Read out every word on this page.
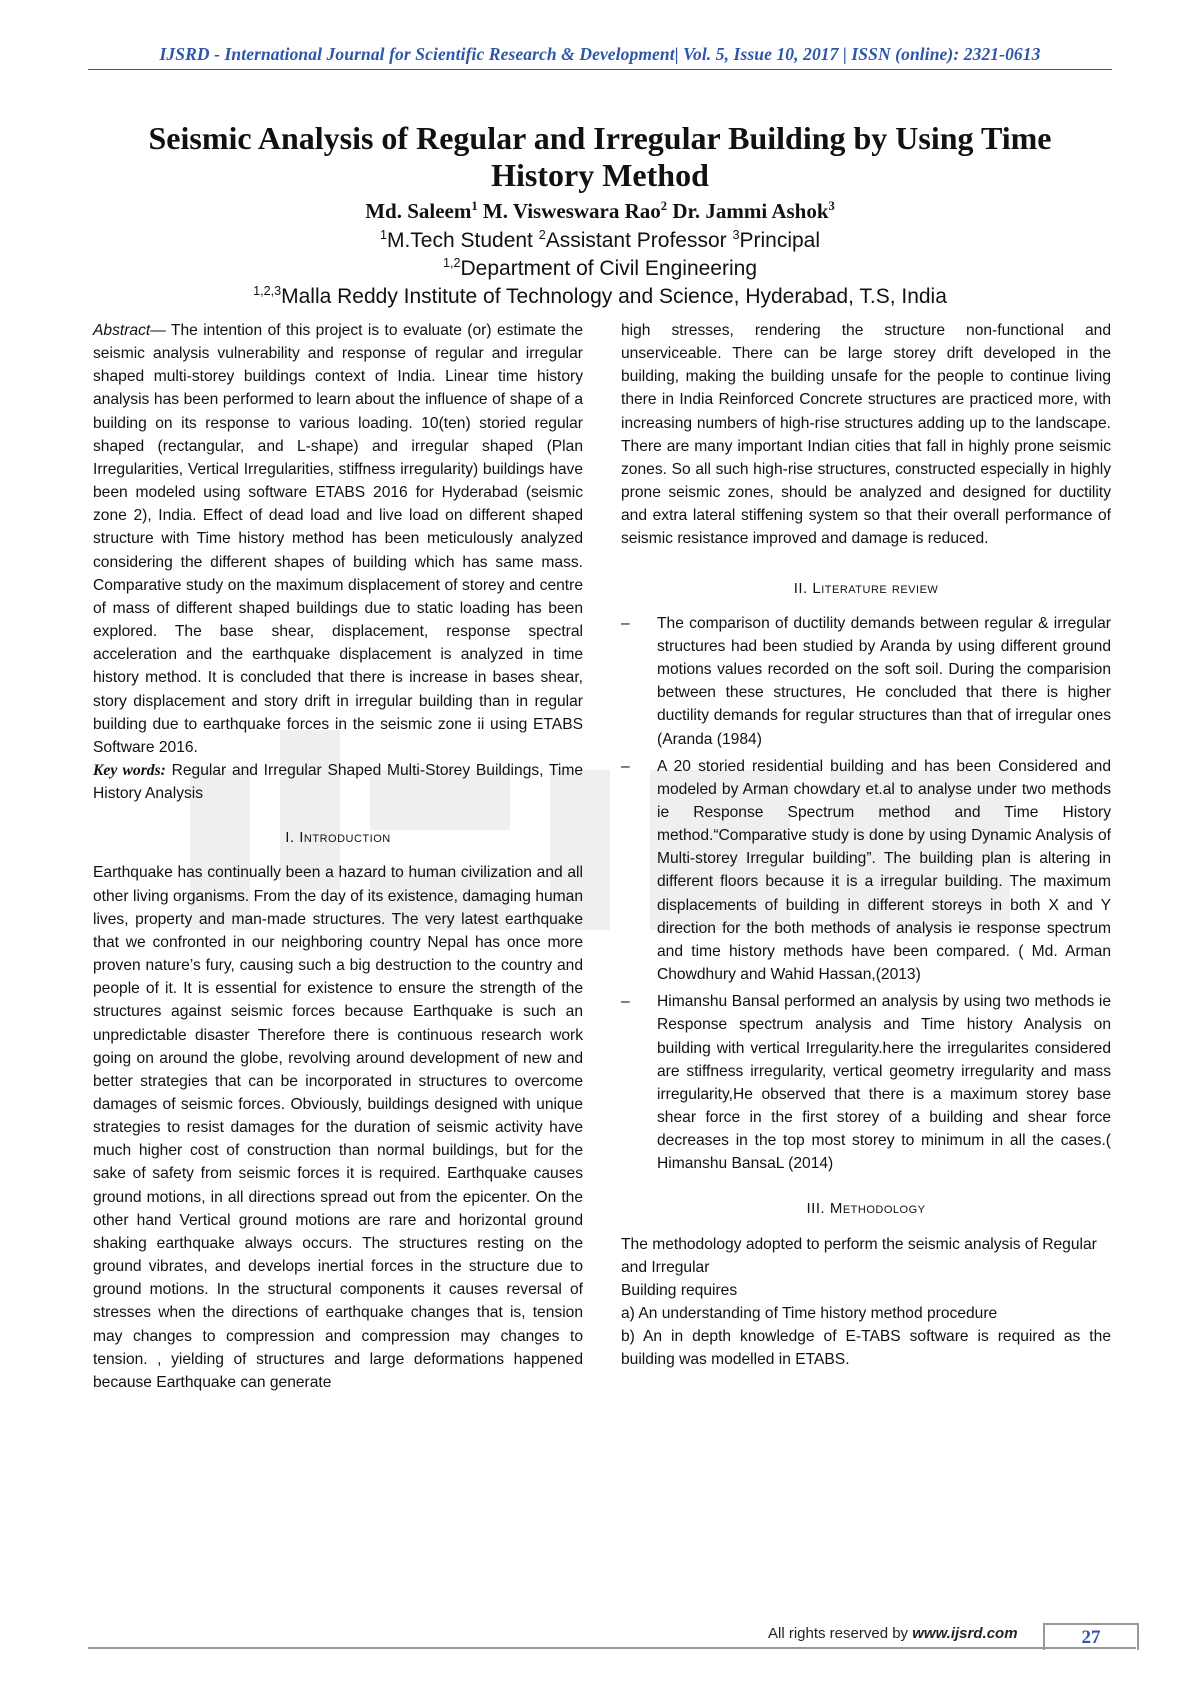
IJSRD - International Journal for Scientific Research & Development| Vol. 5, Issue 10, 2017 | ISSN (online): 2321-0613
Seismic Analysis of Regular and Irregular Building by Using Time
History Method
Md. Saleem$^1$ M. Visweswara Rao$^2$ Dr. Jammi Ashok$^3$
$^1$M.Tech Student $^2$Assistant Professor $^3$Principal
$^{1,2}$Department of Civil Engineering
$^{1,2,3}$Malla Reddy Institute of Technology and Science, Hyderabad, T.S, India

Abstract— The intention of this project is to evaluate (or) estimate the seismic analysis vulnerability and response of regular and irregular shaped multi-storey buildings context of India. Linear time history analysis has been performed to learn about the influence of shape of a building on its response to various loading. 10(ten) storied regular shaped (rectangular, and L-shape) and irregular shaped (Plan Irregularities, Vertical Irregularities, stiffness irregularity) buildings have been modeled using software ETABS 2016 for Hyderabad (seismic zone 2), India. Effect of dead load and live load on different shaped structure with Time history method has been meticulously analyzed considering the different shapes of building which has same mass. Comparative study on the maximum displacement of storey and centre of mass of different shaped buildings due to static loading has been explored. The base shear, displacement, response spectral acceleration and the earthquake displacement is analyzed in time history method. It is concluded that there is increase in bases shear, story displacement and story drift in irregular building than in regular building due to earthquake forces in the seismic zone ii using ETABS Software 2016.

Key words: Regular and Irregular Shaped Multi-Storey Buildings, Time History Analysis

I. Introduction

Earthquake has continually been a hazard to human civilization and all other living organisms. From the day of its existence, damaging human lives, property and man-made structures. The very latest earthquake that we confronted in our neighboring country Nepal has once more proven nature’s fury, causing such a big destruction to the country and people of it. It is essential for existence to ensure the strength of the structures against seismic forces because Earthquake is such an unpredictable disaster Therefore there is continuous research work going on around the globe, revolving around development of new and better strategies that can be incorporated in structures to overcome damages of seismic forces. Obviously, buildings designed with unique strategies to resist damages for the duration of seismic activity have much higher cost of construction than normal buildings, but for the sake of safety from seismic forces it is required. Earthquake causes ground motions, in all directions spread out from the epicenter. On the other hand Vertical ground motions are rare and horizontal ground shaking earthquake always occurs. The structures resting on the ground vibrates, and develops inertial forces in the structure due to ground motions. In the structural components it causes reversal of stresses when the directions of earthquake changes that is, tension may changes to compression and compression may changes to tension. , yielding of structures and large deformations happened because Earthquake can generate

high stresses, rendering the structure non-functional and unserviceable. There can be large storey drift developed in the building, making the building unsafe for the people to continue living there in India Reinforced Concrete structures are practiced more, with increasing numbers of high-rise structures adding up to the landscape. There are many important Indian cities that fall in highly prone seismic zones. So all such high-rise structures, constructed especially in highly prone seismic zones, should be analyzed and designed for ductility and extra lateral stiffening system so that their overall performance of seismic resistance improved and damage is reduced.

II. Literature review

– The comparison of ductility demands between regular & irregular structures had been studied by Aranda by using different ground motions values recorded on the soft soil. During the comparision between these structures, He concluded that there is higher ductility demands for regular structures than that of irregular ones (Aranda (1984)
– A 20 storied residential building and has been Considered and modeled by Arman chowdary et.al to analyse under two methods ie Response Spectrum method and Time History method.“Comparative study is done by using Dynamic Analysis of Multi-storey Irregular building”. The building plan is altering in different floors because it is a irregular building. The maximum displacements of building in different storeys in both X and Y direction for the both methods of analysis ie response spectrum and time history methods have been compared. ( Md. Arman Chowdhury and Wahid Hassan,(2013)
– Himanshu Bansal performed an analysis by using two methods ie Response spectrum analysis and Time history Analysis on building with vertical Irregularity.here the irregularites considered are stiffness irregularity, vertical geometry irregularity and mass irregularity,He observed that there is a maximum storey base shear force in the first storey of a building and shear force decreases in the top most storey to minimum in all the cases.( Himanshu BansaL (2014)

III. Methodology

The methodology adopted to perform the seismic analysis of Regular and Irregular

Building requires

a) An understanding of Time history method procedure

b) An in depth knowledge of E-TABS software is required as the building was modelled in ETABS.

All rights reserved by www.ijsrd.com	27
